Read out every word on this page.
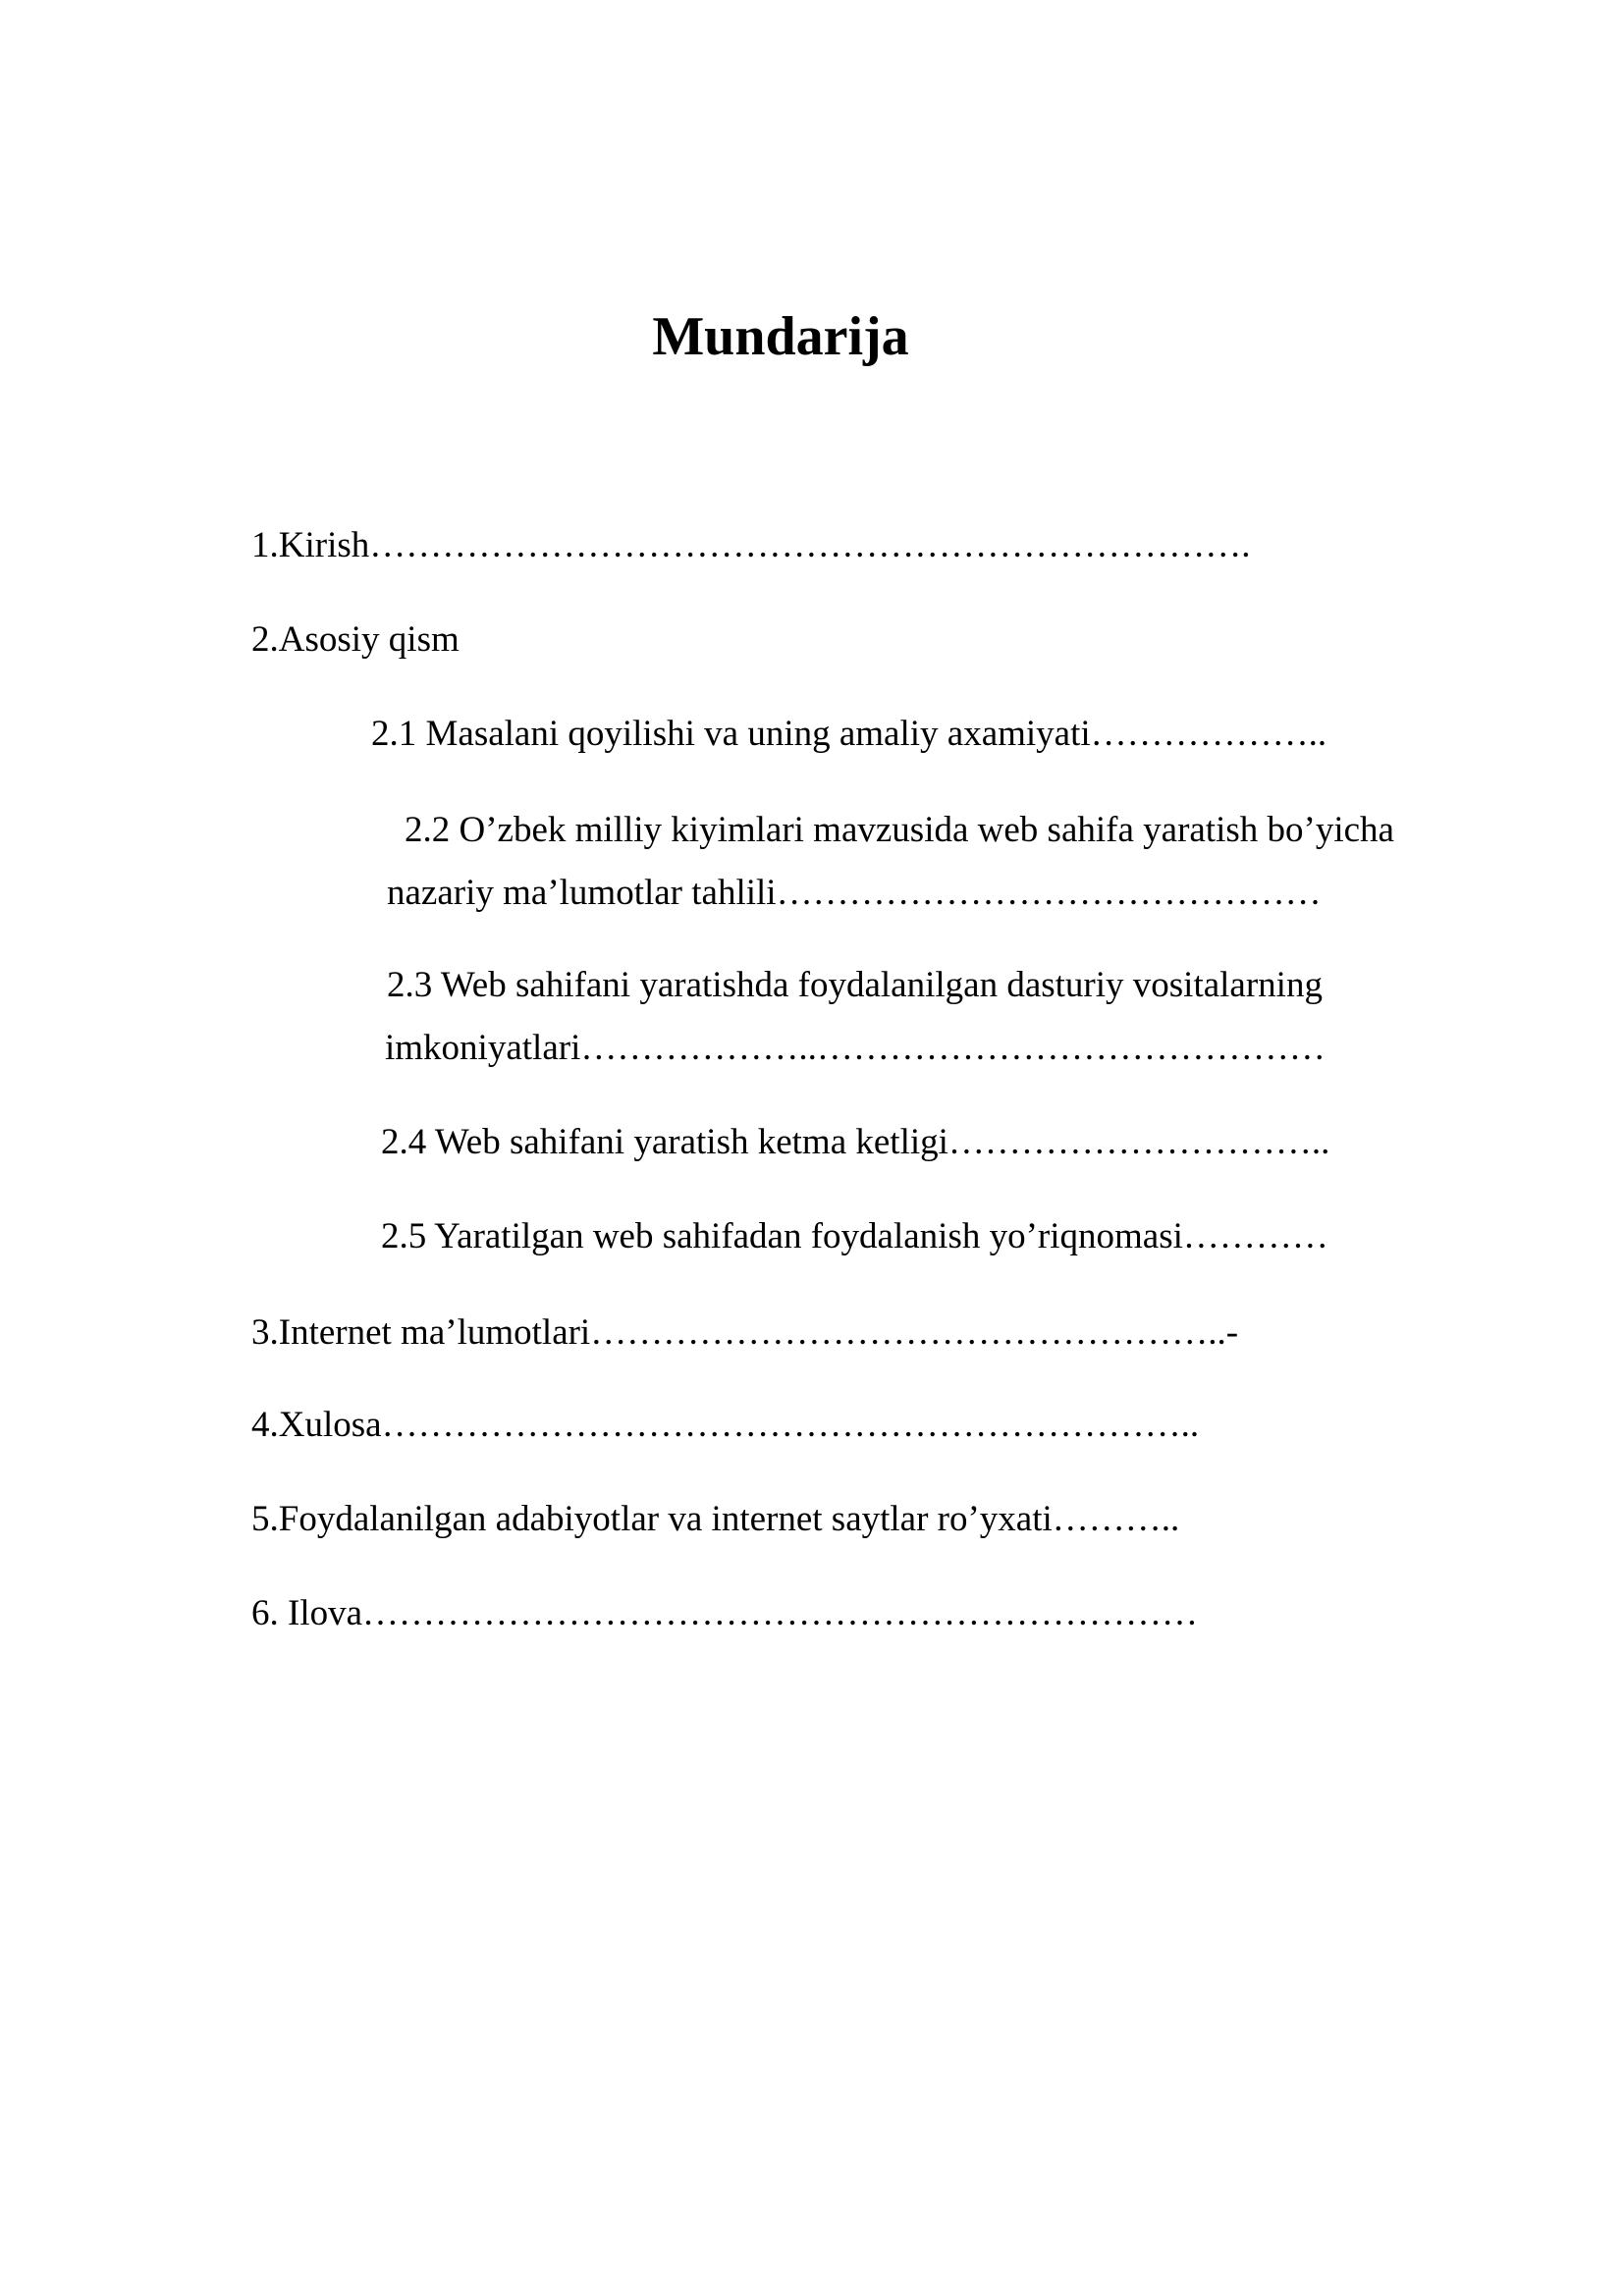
Mundarija
1.Kirish……………………………………………………………….
2.Asosiy qism
2.1 Masalani qoyilishi va uning amaliy axamiyati………………..
2.2 O’zbek milliy kiyimlari mavzusida web sahifa yaratish bo’yicha
nazariy ma’lumotlar tahlili………………………………………
2.3 Web sahifani yaratishda foydalanilgan dasturiy vositalarning
imkoniyatlari………………..……………………………………
2.4 Web sahifani yaratish ketma ketligi…………………………..
2.5 Yaratilgan web sahifadan foydalanish yo’riqnomasi…………
3.Internet ma’lumotlari……………………………………………..-
4.Xulosa…………………………………………………………..
5.Foydalanilgan adabiyotlar va internet saytlar ro’yxati………..
6. Ilova……………………………………………………………
